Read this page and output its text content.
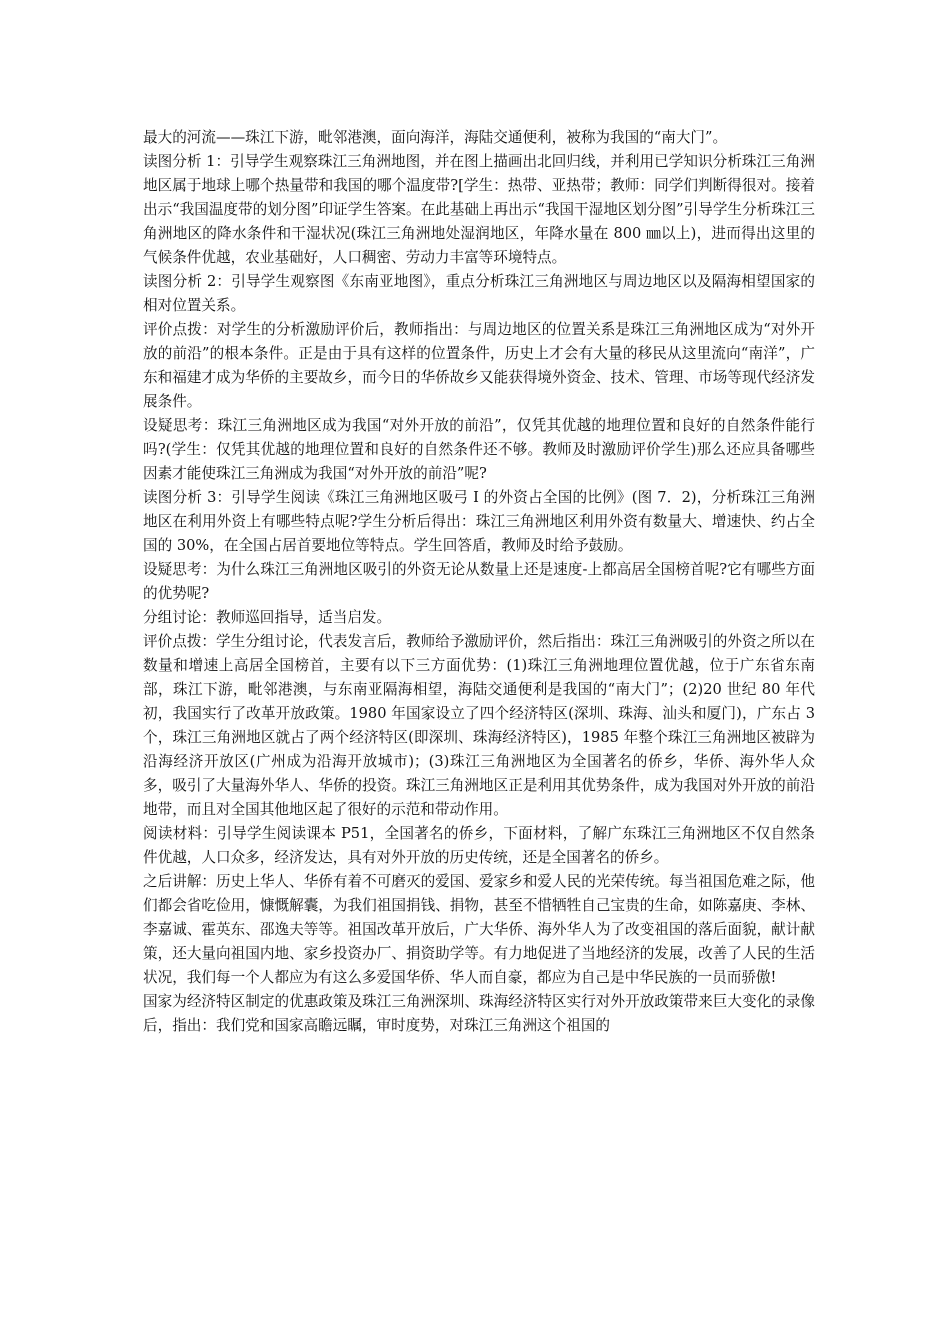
最大的河流——珠江下游，毗邻港澳，面向海洋，海陆交通便利，被称为我国的“南大门”。

读图分析 1：引导学生观察珠江三角洲地图，并在图上描画出北回归线，并利用已学知识分析珠江三角洲地区属于地球上哪个热量带和我国的哪个温度带?[学生：热带、亚热带；教师：同学们判断得很对。接着出示“我国温度带的划分图”印证学生答案。在此基础上再出示“我国干湿地区划分图”引导学生分析珠江三角洲地区的降水条件和干湿状况(珠江三角洲地处湿润地区，年降水量在 800 ㎜以上)，进而得出这里的气候条件优越，农业基础好，人口稠密、劳动力丰富等环境特点。

读图分析 2：引导学生观察图《东南亚地图》，重点分析珠江三角洲地区与周边地区以及隔海相望国家的相对位置关系。

评价点拨：对学生的分析激励评价后，教师指出：与周边地区的位置关系是珠江三角洲地区成为“对外开放的前沿”的根本条件。正是由于具有这样的位置条件，历史上才会有大量的移民从这里流向“南洋”，广东和福建才成为华侨的主要故乡，而今日的华侨故乡又能获得境外资金、技术、管理、市场等现代经济发展条件。

设疑思考：珠江三角洲地区成为我国“对外开放的前沿”，仅凭其优越的地理位置和良好的自然条件能行吗?(学生：仅凭其优越的地理位置和良好的自然条件还不够。教师及时激励评价学生)那么还应具备哪些因素才能使珠江三角洲成为我国“对外开放的前沿”呢?

读图分析 3：引导学生阅读《珠江三角洲地区吸弓 I 的外资占全国的比例》(图 7．2)，分析珠江三角洲地区在利用外资上有哪些特点呢?学生分析后得出：珠江三角洲地区利用外资有数量大、增速快、约占全国的 30%，在全国占居首要地位等特点。学生回答盾，教师及时给予鼓励。

设疑思考：为什么珠江三角洲地区吸引的外资无论从数量上还是速度-上都高居全国榜首呢?它有哪些方面的优势呢?

分组讨论：教师巡回指导，适当启发。

评价点拨：学生分组讨论，代表发言后，教师给予激励评价，然后指出：珠江三角洲吸引的外资之所以在数量和增速上高居全国榜首，主要有以下三方面优势：(1)珠江三角洲地理位置优越，位于广东省东南部，珠江下游，毗邻港澳，与东南亚隔海相望，海陆交通便利是我国的“南大门”；(2)20 世纪 80 年代初，我国实行了改革开放政策。1980 年国家设立了四个经济特区(深圳、珠海、汕头和厦门)，广东占 3 个，珠江三角洲地区就占了两个经济特区(即深圳、珠海经济特区)，1985 年整个珠江三角洲地区被辟为沿海经济开放区(广州成为沿海开放城市)；(3)珠江三角洲地区为全国著名的侨乡，华侨、海外华人众多，吸引了大量海外华人、华侨的投资。珠江三角洲地区正是利用其优势条件，成为我国对外开放的前沿地带，而且对全国其他地区起了很好的示范和带动作用。

阅读材料：引导学生阅读课本 P51，全国著名的侨乡，下面材料，了解广东珠江三角洲地区不仅自然条件优越，人口众多，经济发达，具有对外开放的历史传统，还是全国著名的侨乡。

之后讲解：历史上华人、华侨有着不可磨灭的爱国、爱家乡和爱人民的光荣传统。每当祖国危难之际，他们都会省吃俭用，慷慨解囊，为我们祖国捐钱、捐物，甚至不惜牺牲自己宝贵的生命，如陈嘉庚、李林、李嘉诚、霍英东、邵逸夫等等。祖国改革开放后，广大华侨、海外华人为了改变祖国的落后面貌，献计献策，还大量向祖国内地、家乡投资办厂、捐资助学等。有力地促进了当地经济的发展，改善了人民的生活状况，我们每一个人都应为有这么多爱国华侨、华人而自豪，都应为自己是中华民族的一员而骄傲!

国家为经济特区制定的优惠政策及珠江三角洲深圳、珠海经济特区实行对外开放政策带来巨大变化的录像后，指出：我们党和国家高瞻远瞩，审时度势，对珠江三角洲这个祖国的
